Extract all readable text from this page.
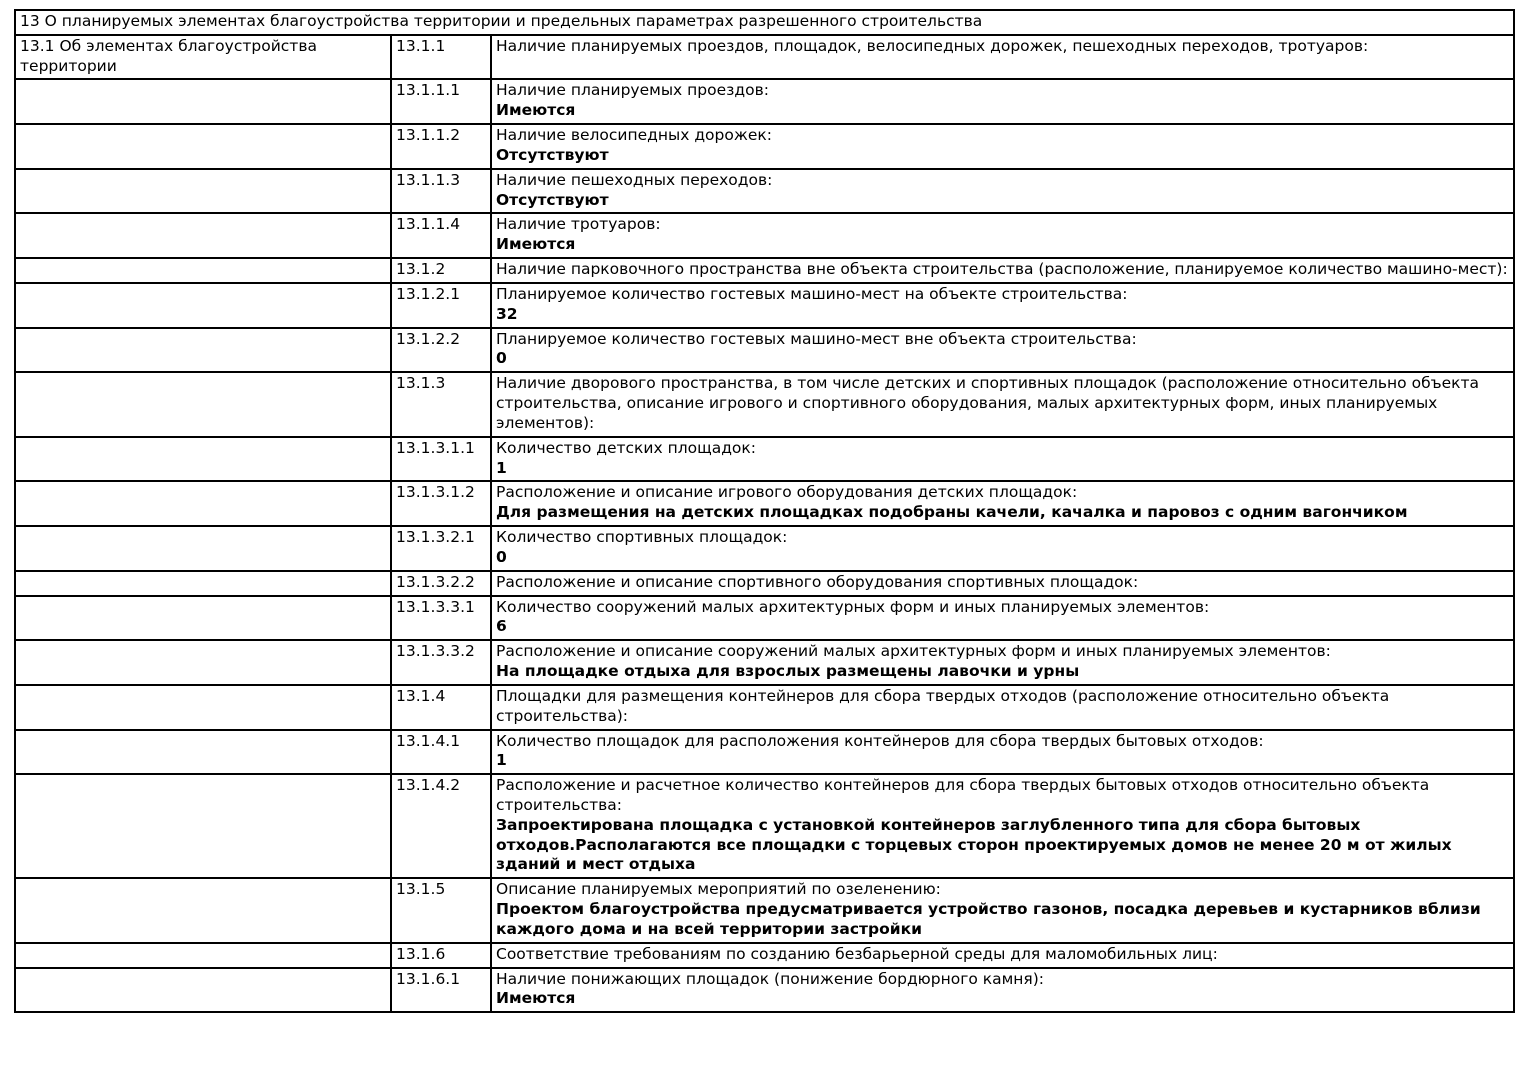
13 О планируемых элементах благоустройства территории и предельных параметрах разрешенного строительства		
13.1 Об элементах благоустройства территории	13.1.1	Наличие планируемых проездов, площадок, велосипедных дорожек, пешеходных переходов, тротуаров:

	13.1.1.1	Наличие планируемых проездов:
Имеются

	13.1.1.2	Наличие велосипедных дорожек:
Отсутствуют

	13.1.1.3	Наличие пешеходных переходов:
Отсутствуют

	13.1.1.4	Наличие тротуаров:
Имеются

	13.1.2	Наличие парковочного пространства вне объекта строительства (расположение, планируемое количество машино-мест):

	13.1.2.1	Планируемое количество гостевых машино-мест на объекте строительства:
32

	13.1.2.2	Планируемое количество гостевых машино-мест вне объекта строительства:
0

	13.1.3	Наличие дворового пространства, в том числе детских и спортивных площадок (расположение относительно объекта строительства, описание игрового и спортивного оборудования, малых архитектурных форм, иных планируемых элементов):

	13.1.3.1.1	Количество детских площадок:
1

	13.1.3.1.2	Расположение и описание игрового оборудования детских площадок:
Для размещения на детских площадках подобраны качели, качалка и паровоз с одним вагончиком

	13.1.3.2.1	Количество спортивных площадок:
0

	13.1.3.2.2	Расположение и описание спортивного оборудования спортивных площадок:

	13.1.3.3.1	Количество сооружений малых архитектурных форм и иных планируемых элементов:
6

	13.1.3.3.2	Расположение и описание сооружений малых архитектурных форм и иных планируемых элементов:
На площадке отдыха для взрослых размещены лавочки и урны

	13.1.4	Площадки для размещения контейнеров для сбора твердых отходов (расположение относительно объекта строительства):

	13.1.4.1	Количество площадок для расположения контейнеров для сбора твердых бытовых отходов:
1

	13.1.4.2	Расположение и расчетное количество контейнеров для сбора твердых бытовых отходов относительно объекта строительства:
Запроектирована площадка с установкой контейнеров заглубленного типа для сбора бытовых отходов.Располагаются все площадки с торцевых сторон проектируемых домов не менее 20 м от жилых зданий и мест отдыха

	13.1.5	Описание планируемых мероприятий по озеленению:
Проектом благоустройства предусматривается устройство газонов, посадка деревьев и кустарников вблизи каждого дома и на всей территории застройки

	13.1.6	Соответствие требованиям по созданию безбарьерной среды для маломобильных лиц:

	13.1.6.1	Наличие понижающих площадок (понижение бордюрного камня):
Имеются
